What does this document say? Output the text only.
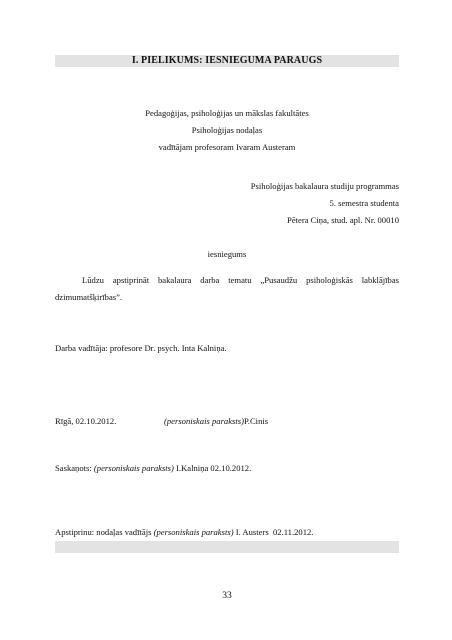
I. PIELIKUMS: IESNIEGUMA PARAUGS
Pedagoģijas, psiholoģijas un mākslas fakultātes
Psiholoģijas nodaļas
vadītājam profesoram Ivaram Austeram
Psiholoģijas bakalaura studiju programmas
5. semestra studenta
Pētera Ciņa, stud. apl. Nr. 00010
iesniegums
Lūdzu apstiprināt bakalaura darba tematu „Pusaudžu psiholoģiskās labklājības
dzimumatšķirības”.
Darba vadītāja: profesore Dr. psych. Inta Kalniņa.
Rīgā, 02.10.2012.	(personiskais paraksts)P.Cinis
Saskaņots: (personiskais paraksts) I.Kalniņa 02.10.2012.
Apstiprinu: nodaļas vadītājs (personiskais paraksts) I. Austers  02.11.2012.
33
